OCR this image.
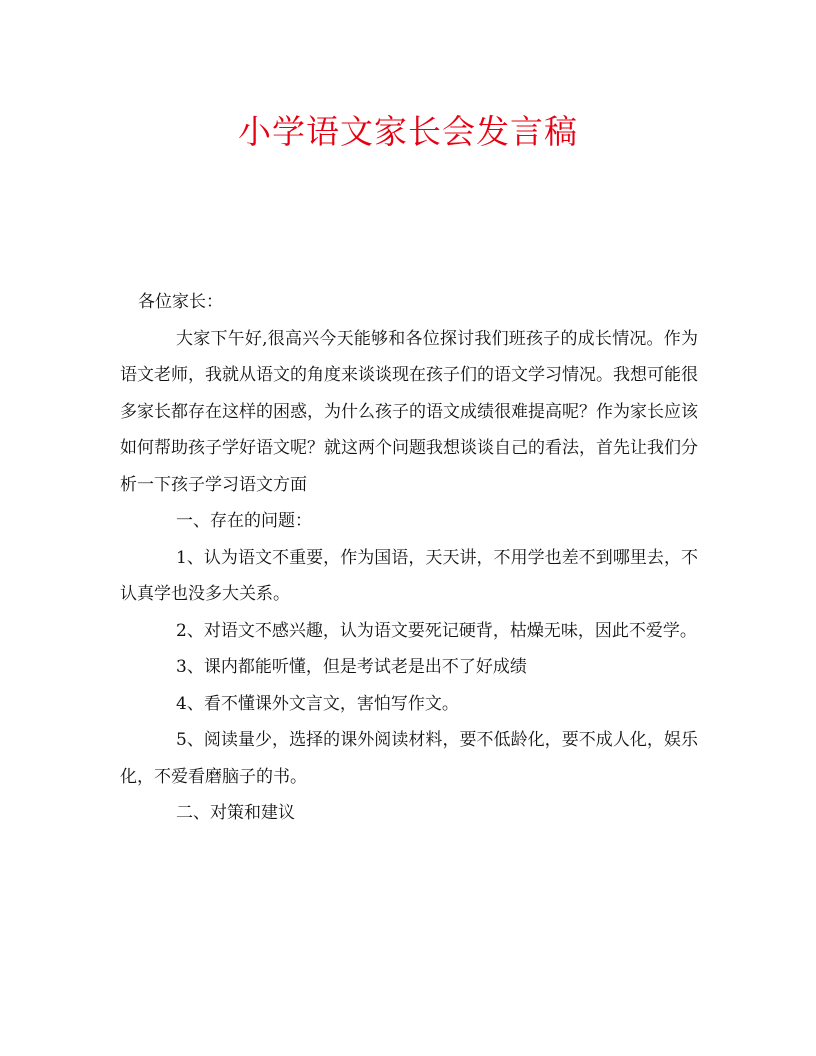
小学语文家长会发言稿

各位家长：

大家下午好,很高兴今天能够和各位探讨我们班孩子的成长情况。作为语文老师，我就从语文的角度来谈谈现在孩子们的语文学习情况。我想可能很多家长都存在这样的困惑，为什么孩子的语文成绩很难提高呢？作为家长应该如何帮助孩子学好语文呢？就这两个问题我想谈谈自己的看法，首先让我们分析一下孩子学习语文方面

一、存在的问题：

1、认为语文不重要，作为国语，天天讲，不用学也差不到哪里去，不认真学也没多大关系。

2、对语文不感兴趣，认为语文要死记硬背，枯燥无味，因此不爱学。

3、课内都能听懂，但是考试老是出不了好成绩

4、看不懂课外文言文，害怕写作文。

5、阅读量少，选择的课外阅读材料，要不低龄化，要不成人化，娱乐化，不爱看磨脑子的书。

二、对策和建议
